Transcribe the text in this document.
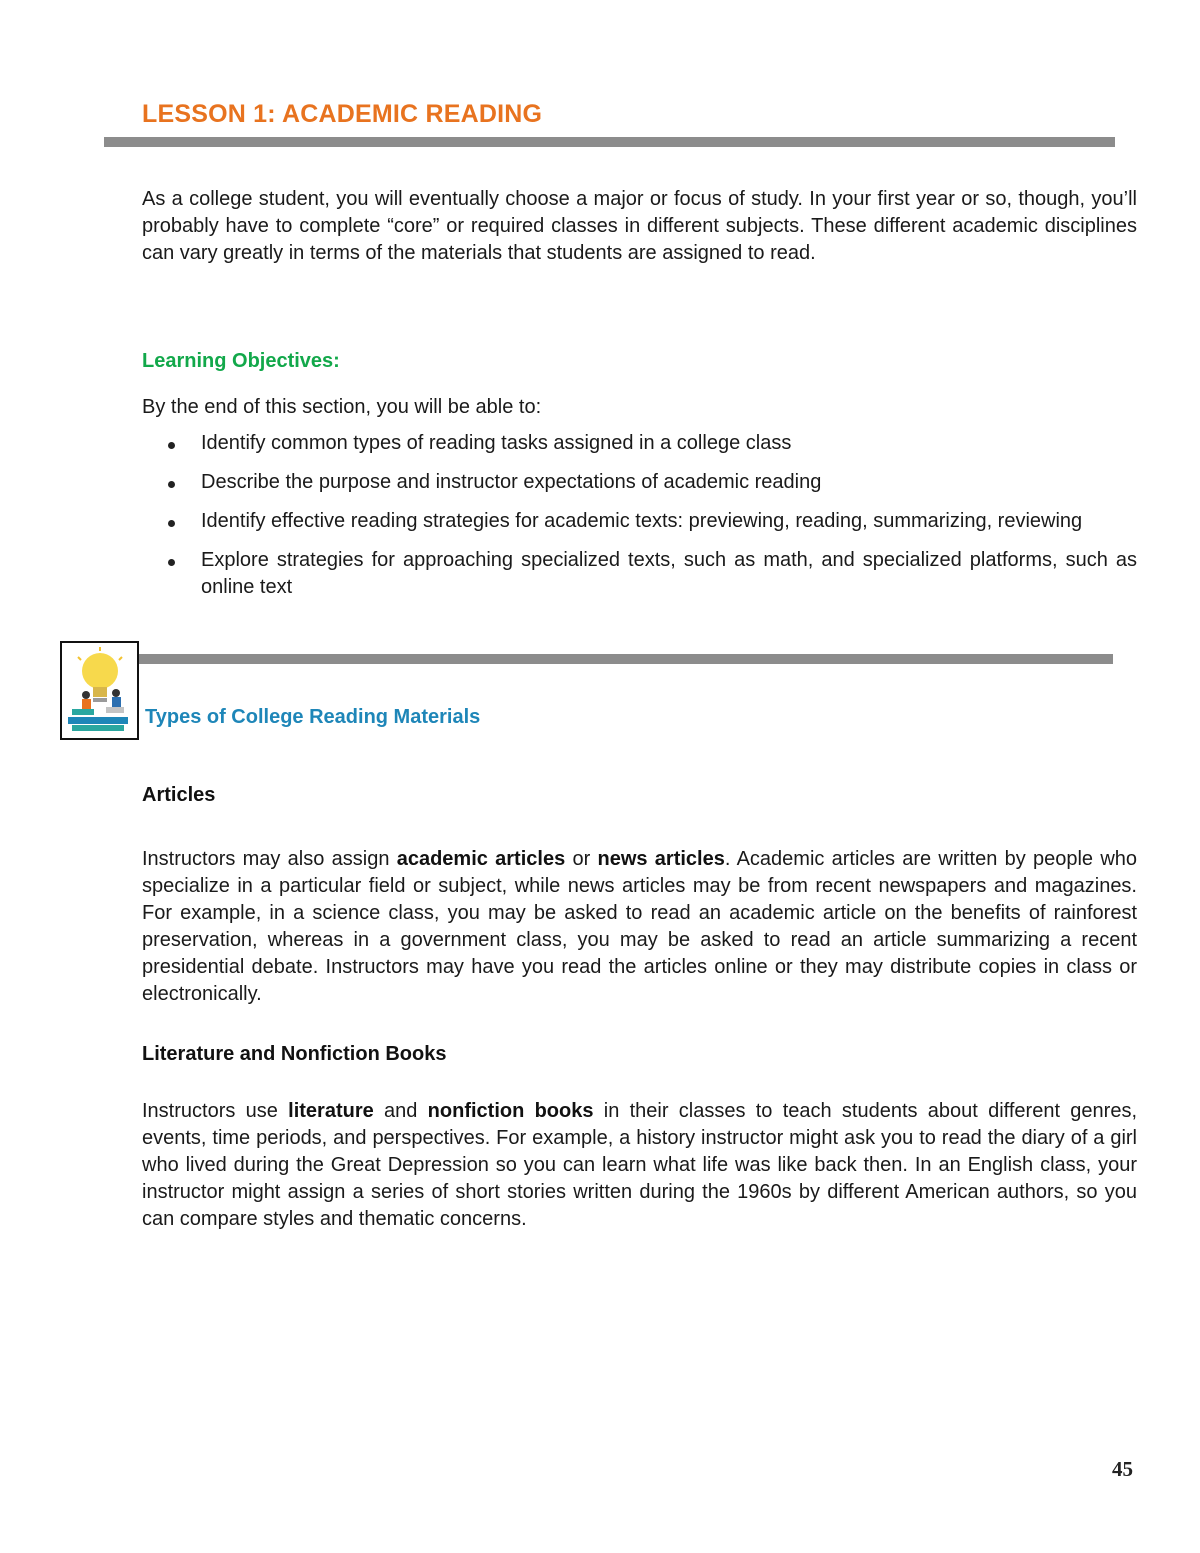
LESSON 1: ACADEMIC READING

As a college student, you will eventually choose a major or focus of study. In your first year or so, though, you’ll probably have to complete “core” or required classes in different subjects. These different academic disciplines can vary greatly in terms of the materials that students are assigned to read.

Learning Objectives:
By the end of this section, you will be able to:
Identify common types of reading tasks assigned in a college class
Describe the purpose and instructor expectations of academic reading
Identify effective reading strategies for academic texts: previewing, reading, summarizing, reviewing
Explore strategies for approaching specialized texts, such as math, and specialized platforms, such as online text
Types of College Reading Materials
Articles

Instructors may also assign academic articles or news articles. Academic articles are written by people who specialize in a particular field or subject, while news articles may be from recent newspapers and magazines. For example, in a science class, you may be asked to read an academic article on the benefits of rainforest preservation, whereas in a government class, you may be asked to read an article summarizing a recent presidential debate. Instructors may have you read the articles online or they may distribute copies in class or electronically.

Literature and Nonfiction Books

Instructors use literature and nonfiction books in their classes to teach students about different genres, events, time periods, and perspectives. For example, a history instructor might ask you to read the diary of a girl who lived during the Great Depression so you can learn what life was like back then. In an English class, your instructor might assign a series of short stories written during the 1960s by different American authors, so you can compare styles and thematic concerns.

45
